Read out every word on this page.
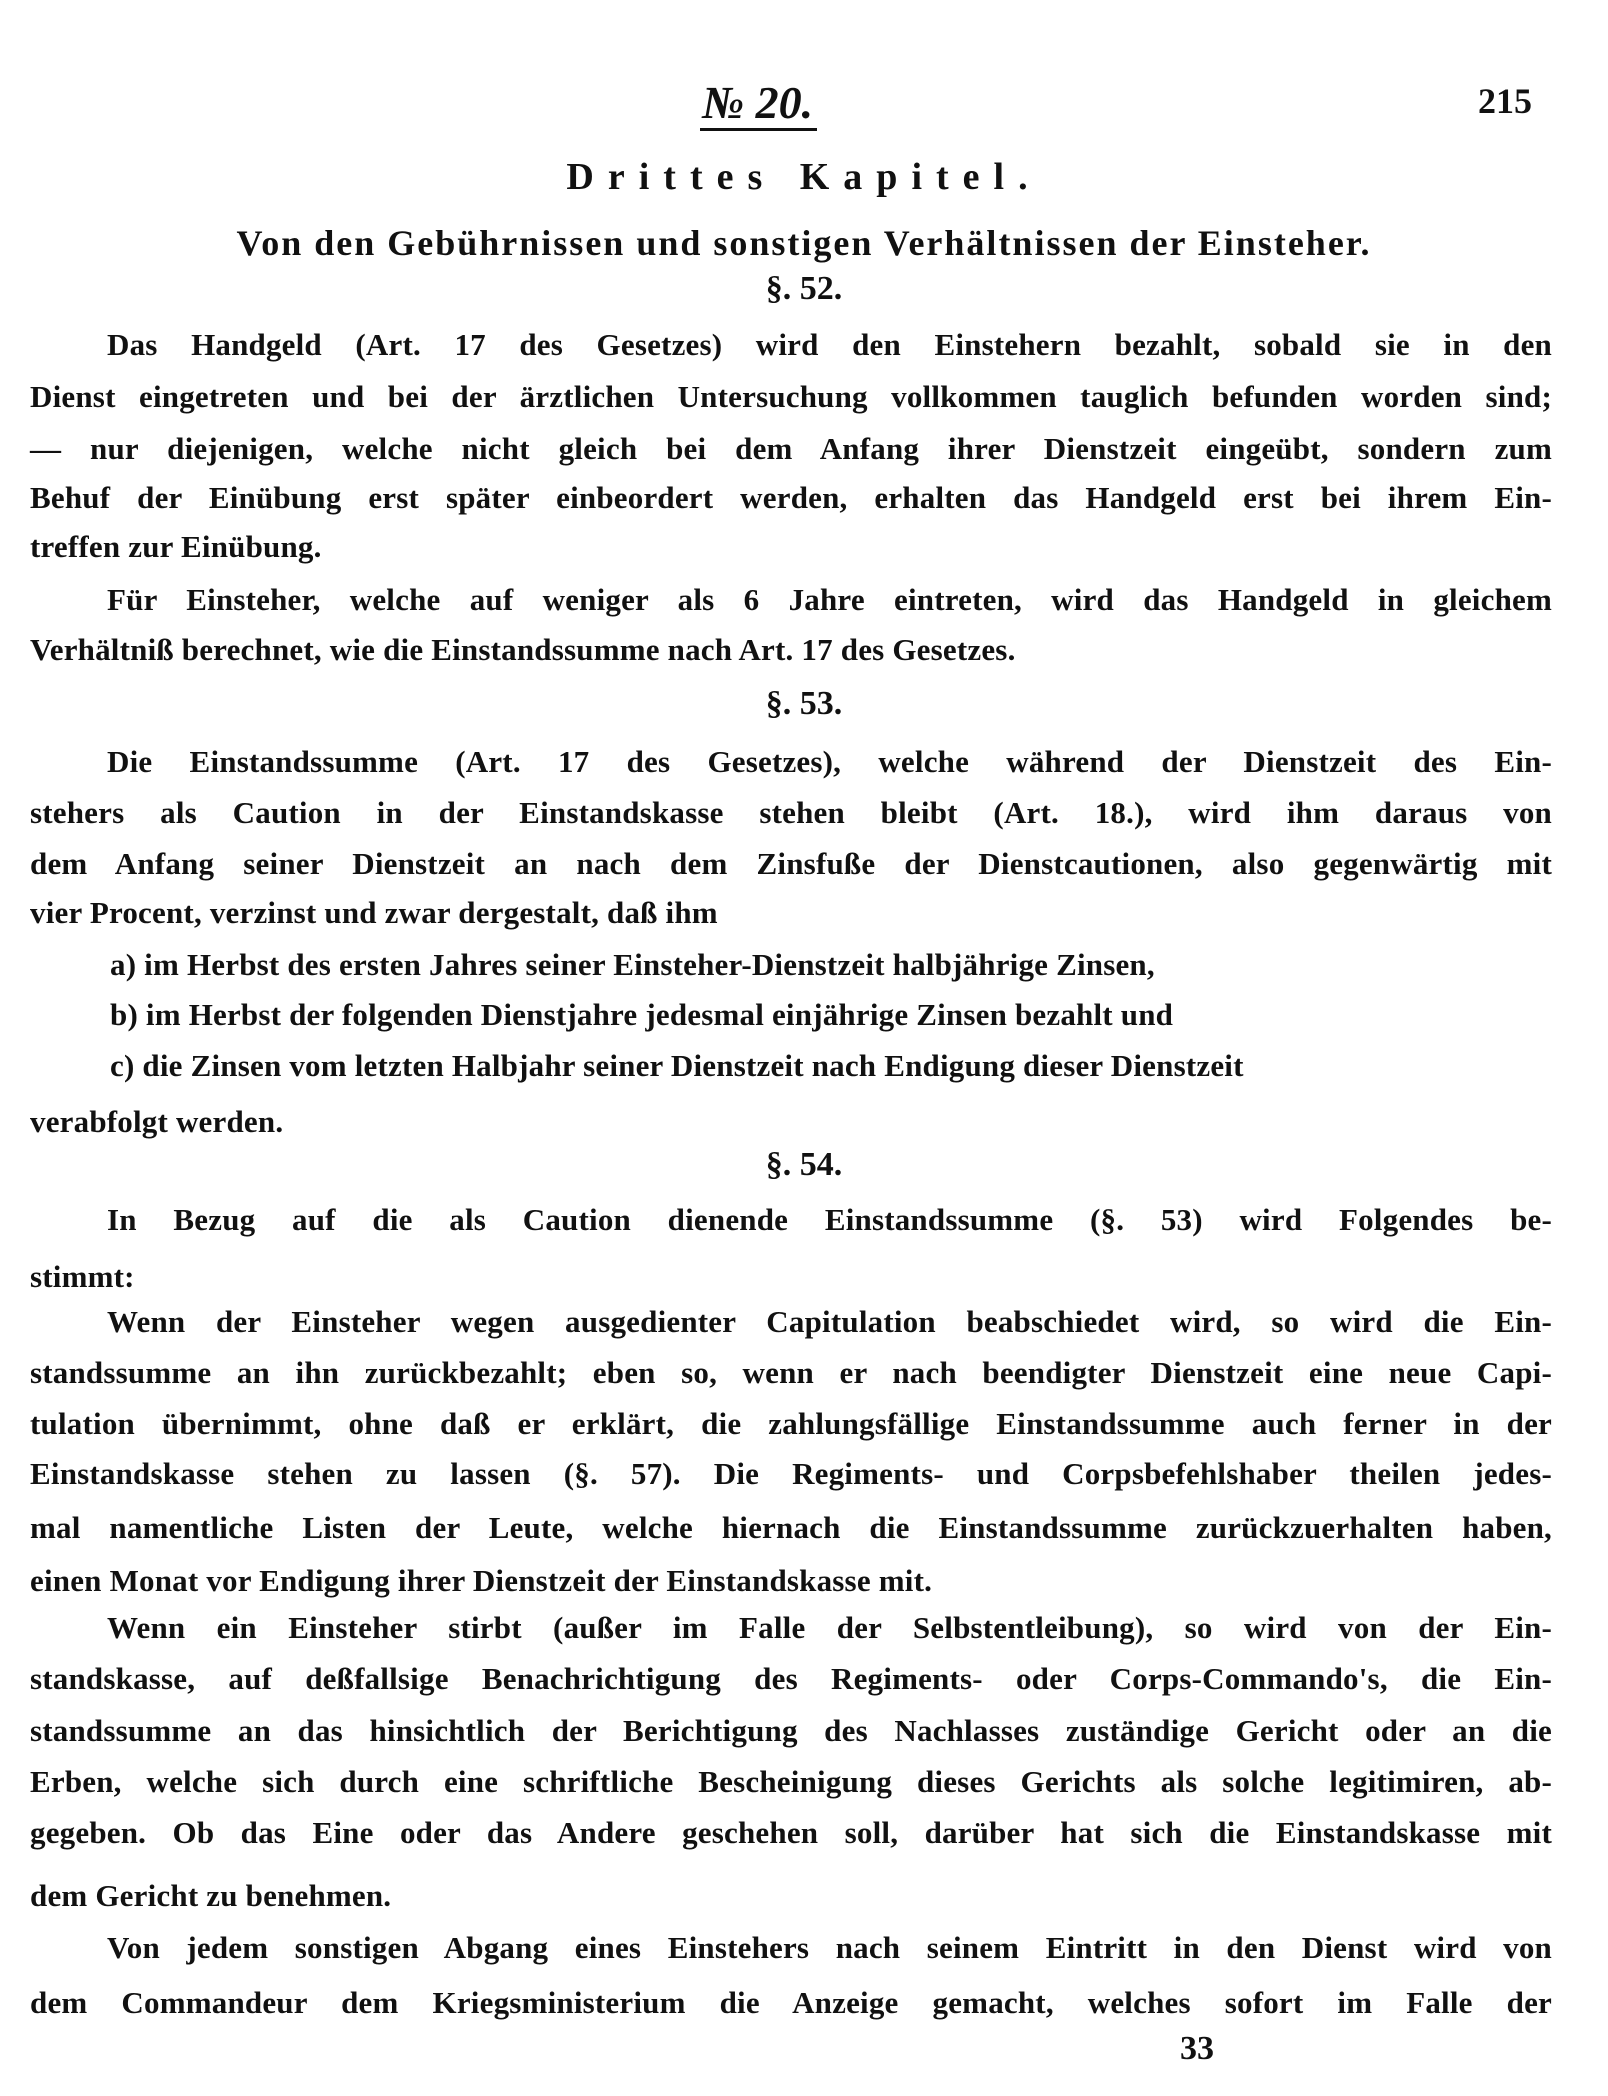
№ 20.	215
Drittes Kapitel.
Von den Gebührnissen und sonstigen Verhältnissen der Einsteher.
§. 52.
Das Handgeld (Art. 17 des Gesetzes) wird den Einstehern bezahlt, sobald sie in den
Dienst eingetreten und bei der ärztlichen Untersuchung vollkommen tauglich befunden worden sind;
— nur diejenigen, welche nicht gleich bei dem Anfang ihrer Dienstzeit eingeübt, sondern zum
Behuf der Einübung erst später einbeordert werden, erhalten das Handgeld erst bei ihrem Ein-
treffen zur Einübung.
Für Einsteher, welche auf weniger als 6 Jahre eintreten, wird das Handgeld in gleichem
Verhältniß berechnet, wie die Einstandssumme nach Art. 17 des Gesetzes.
§. 53.
Die Einstandssumme (Art. 17 des Gesetzes), welche während der Dienstzeit des Ein-
stehers als Caution in der Einstandskasse stehen bleibt (Art. 18.), wird ihm daraus von
dem Anfang seiner Dienstzeit an nach dem Zinsfuße der Dienstcautionen, also gegenwärtig mit
vier Procent, verzinst und zwar dergestalt, daß ihm
a) im Herbst des ersten Jahres seiner Einsteher-Dienstzeit halbjährige Zinsen,
b) im Herbst der folgenden Dienstjahre jedesmal einjährige Zinsen bezahlt und
c) die Zinsen vom letzten Halbjahr seiner Dienstzeit nach Endigung dieser Dienstzeit
verabfolgt werden.
§. 54.
In Bezug auf die als Caution dienende Einstandssumme (§. 53) wird Folgendes be-
stimmt:
Wenn der Einsteher wegen ausgedienter Capitulation beabschiedet wird, so wird die Ein-
standssumme an ihn zurückbezahlt; eben so, wenn er nach beendigter Dienstzeit eine neue Capi-
tulation übernimmt, ohne daß er erklärt, die zahlungsfällige Einstandssumme auch ferner in der
Einstandskasse stehen zu lassen (§. 57). Die Regiments- und Corpsbefehlshaber theilen jedes-
mal namentliche Listen der Leute, welche hiernach die Einstandssumme zurückzuerhalten haben,
einen Monat vor Endigung ihrer Dienstzeit der Einstandskasse mit.
Wenn ein Einsteher stirbt (außer im Falle der Selbstentleibung), so wird von der Ein-
standskasse, auf deßfallsige Benachrichtigung des Regiments- oder Corps-Commando's, die Ein-
standssumme an das hinsichtlich der Berichtigung des Nachlasses zuständige Gericht oder an die
Erben, welche sich durch eine schriftliche Bescheinigung dieses Gerichts als solche legitimiren, ab-
gegeben. Ob das Eine oder das Andere geschehen soll, darüber hat sich die Einstandskasse mit
dem Gericht zu benehmen.
Von jedem sonstigen Abgang eines Einstehers nach seinem Eintritt in den Dienst wird von
dem Commandeur dem Kriegsministerium die Anzeige gemacht, welches sofort im Falle der
33
